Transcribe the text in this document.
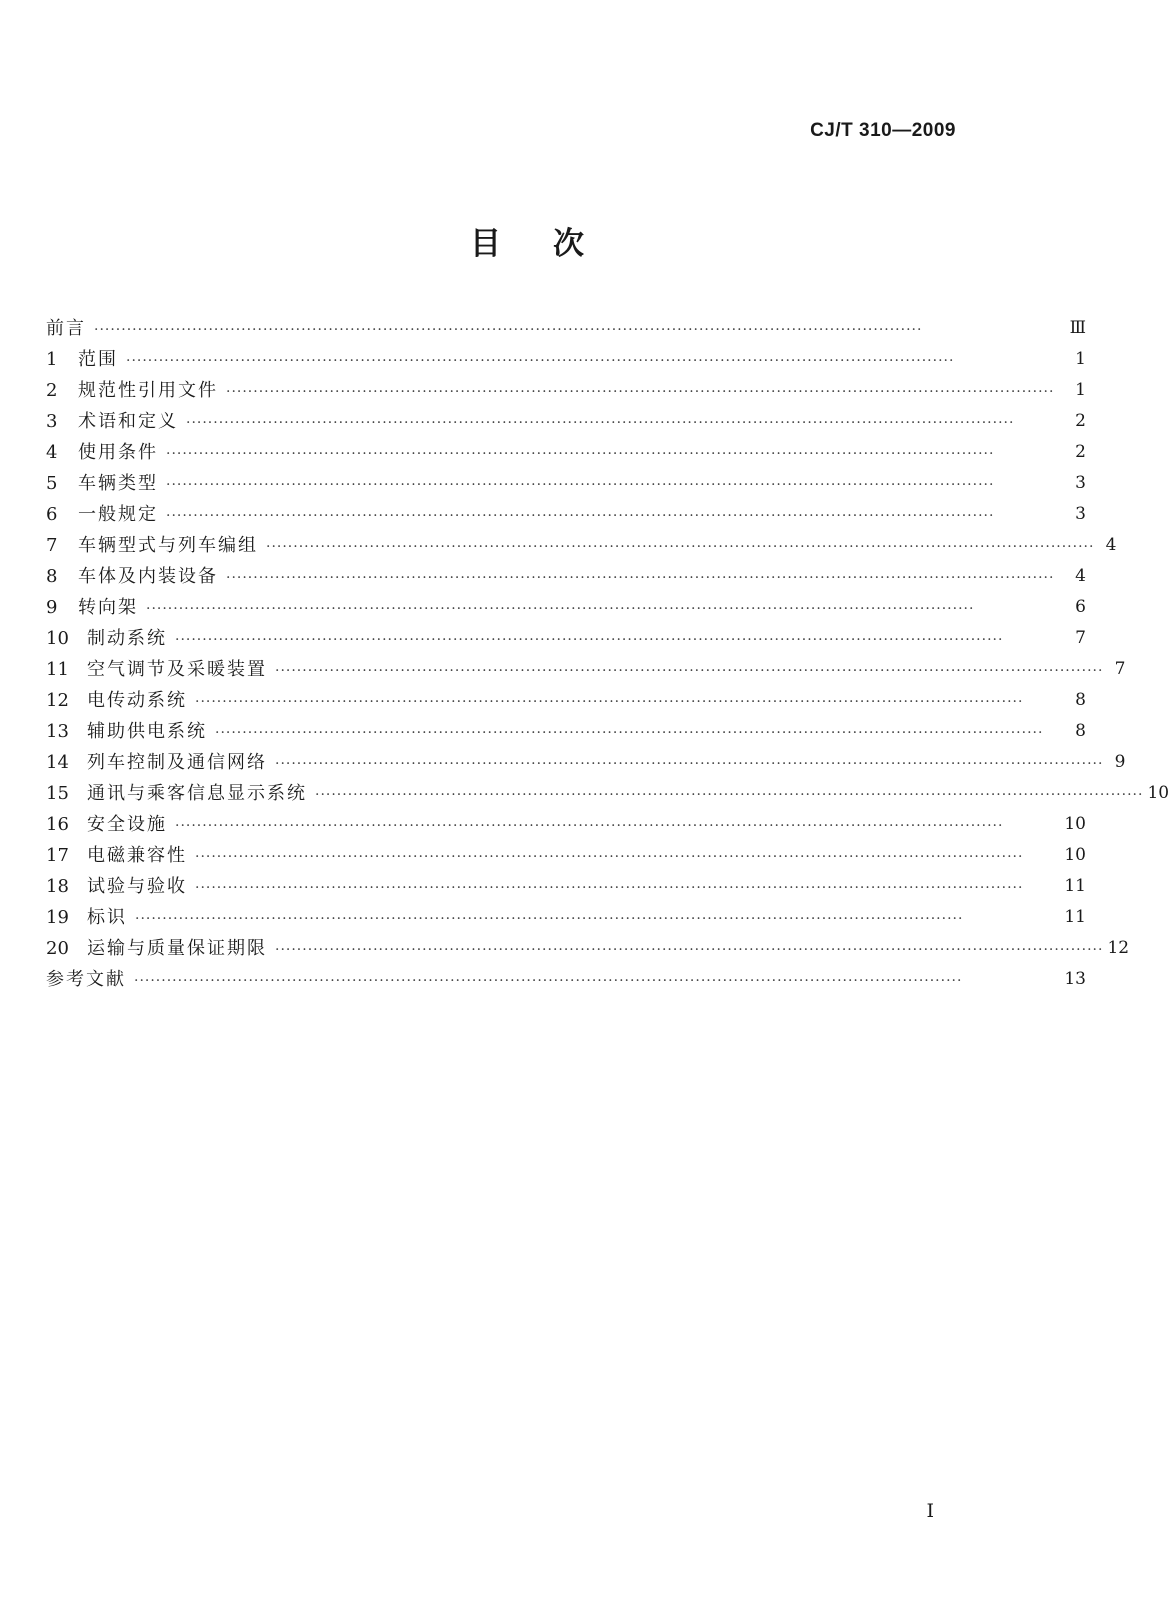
CJ/T 310—2009
目次
前言 ·····	Ⅲ
1	范围 ·····	1
2	规范性引用文件 ·····	1
3	术语和定义 ·····	2
4	使用条件 ·····	2
5	车辆类型 ·····	3
6	一般规定 ·····	3
7	车辆型式与列车编组 ·····	4
8	车体及内装设备 ·····	4
9	转向架 ·····	6
10	制动系统 ·····	7
11	空气调节及采暖装置 ·····	7
12	电传动系统 ·····	8
13	辅助供电系统 ·····	8
14	列车控制及通信网络 ·····	9
15	通讯与乘客信息显示系统 ·····	10
16	安全设施 ·····	10
17	电磁兼容性 ·····	10
18	试验与验收 ·····	11
19	标识 ·····	11
20	运输与质量保证期限 ·····	12
参考文献 ·····	13
Ⅰ
